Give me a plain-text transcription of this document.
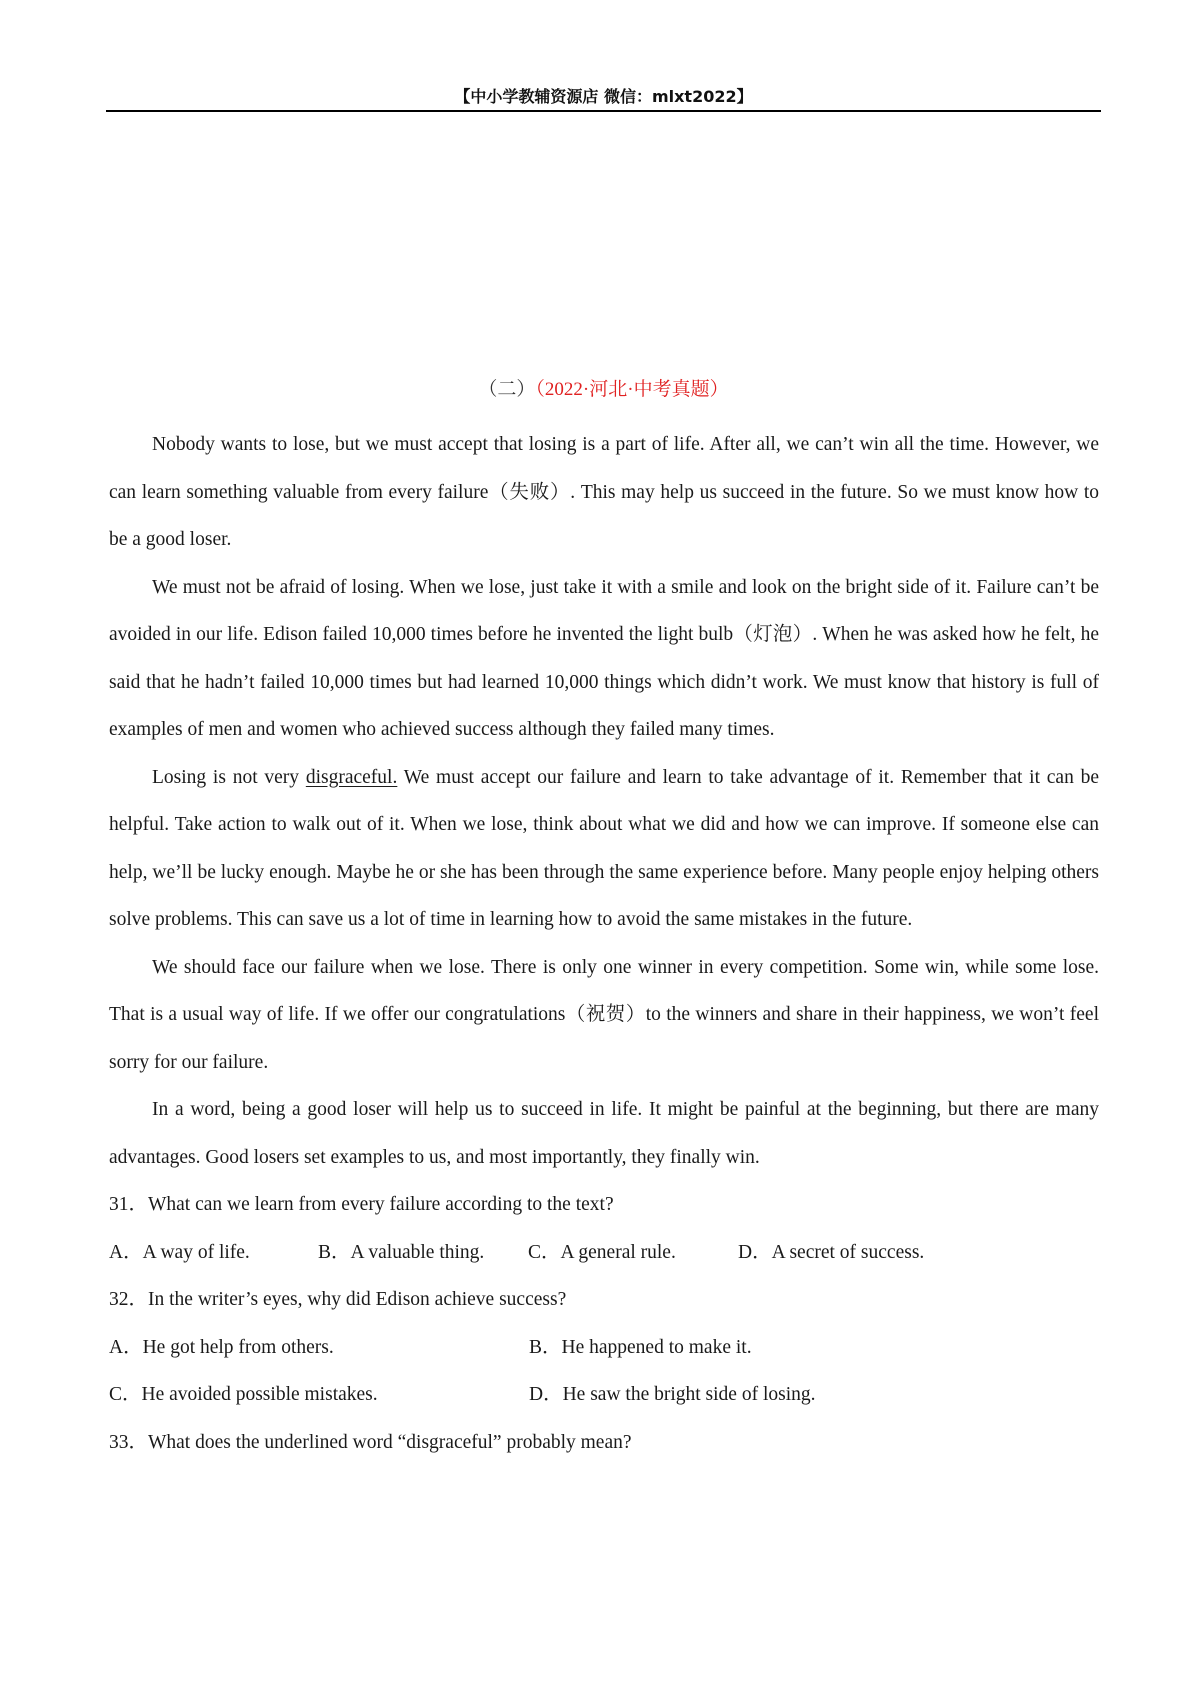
【中小学教辅资源店 微信：mlxt2022】
（二）（2022·河北·中考真题）

Nobody wants to lose, but we must accept that losing is a part of life. After all, we can’t win all the time. However, we can learn something valuable from every failure（失败）. This may help us succeed in the future. So we must know how to be a good loser.

We must not be afraid of losing. When we lose, just take it with a smile and look on the bright side of it. Failure can’t be avoided in our life. Edison failed 10,000 times before he invented the light bulb（灯泡）. When he was asked how he felt, he said that he hadn’t failed 10,000 times but had learned 10,000 things which didn’t work. We must know that history is full of examples of men and women who achieved success although they failed many times.

Losing is not very disgraceful. We must accept our failure and learn to take advantage of it. Remember that it can be helpful. Take action to walk out of it. When we lose, think about what we did and how we can improve. If someone else can help, we’ll be lucky enough. Maybe he or she has been through the same experience before. Many people enjoy helping others solve problems. This can save us a lot of time in learning how to avoid the same mistakes in the future.

We should face our failure when we lose. There is only one winner in every competition. Some win, while some lose. That is a usual way of life. If we offer our congratulations（祝贺）to the winners and share in their happiness, we won’t feel sorry for our failure.

In a word, being a good loser will help us to succeed in life. It might be painful at the beginning, but there are many advantages. Good losers set examples to us, and most importantly, they finally win.

31．What can we learn from every failure according to the text?
A．A way of life.	B．A valuable thing.	C．A general rule.	D．A secret of success.
32．In the writer’s eyes, why did Edison achieve success?
A．He got help from others.	B．He happened to make it.
C．He avoided possible mistakes.	D．He saw the bright side of losing.
33．What does the underlined word “disgraceful” probably mean?
